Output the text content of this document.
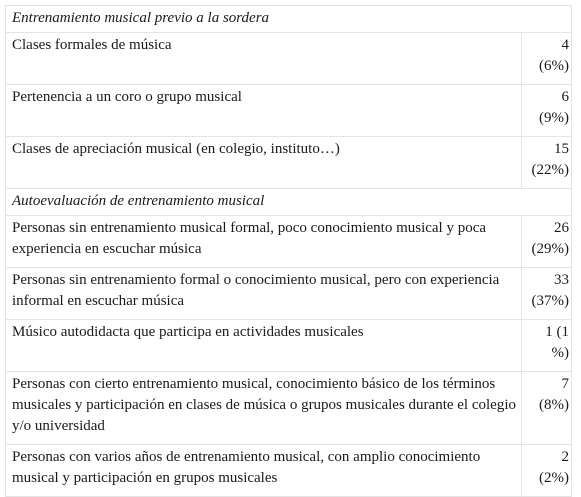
Entrenamiento musical previo a la sordera	
Clases formales de música	4
(6%)

Pertenencia a un coro o grupo musical	6
(9%)

Clases de apreciación musical (en colegio, instituto…)	15
(22%)

Autoevaluación de entrenamiento musical	
Personas sin entrenamiento musical formal, poco conocimiento musical y poca experiencia en escuchar música	26
(29%)

Personas sin entrenamiento formal o conocimiento musical, pero con experiencia informal en escuchar música	33
(37%)

Músico autodidacta que participa en actividades musicales	1 (1
%)

Personas con cierto entrenamiento musical, conocimiento básico de los términos musicales y participación en clases de música o grupos musicales durante el colegio y/o universidad	7
(8%)

Personas con varios años de entrenamiento musical, con amplio conocimiento musical y participación en grupos musicales	2
(2%)
